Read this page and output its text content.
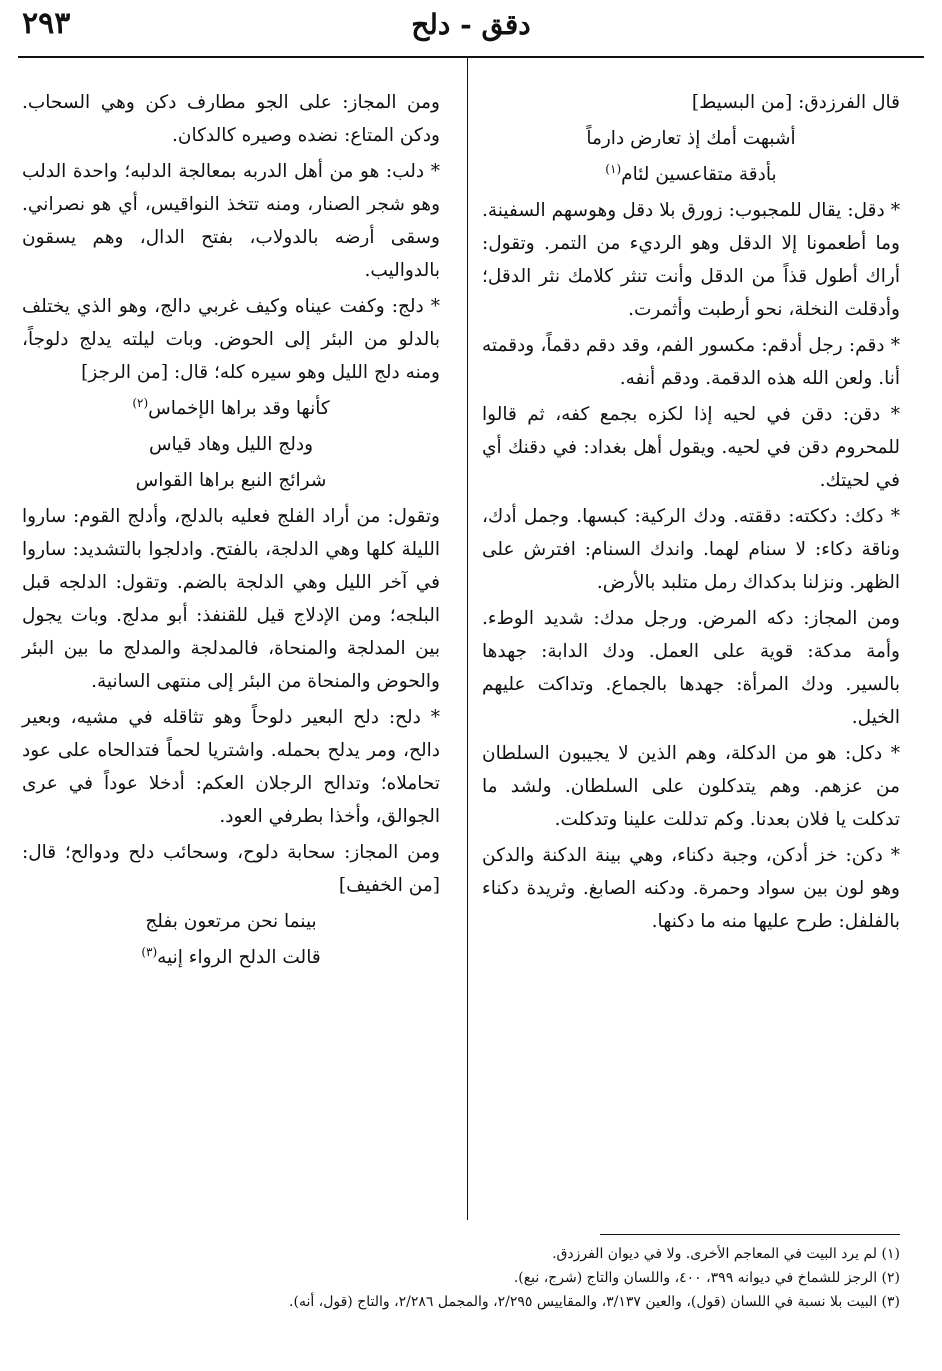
٢٩٣	دقق - دلح

قال الفرزدق: [من البسيط]

أشبهت أمك إذ تعارض دارماً

بأدقة متقاعسين لئام$^{(١)}$

* دقل: يقال للمجبوب: زورق بلا دقل وهوسهم السفينة. وما أطعمونا إلا الدقل وهو الرديء من التمر. وتقول: أراك أطول قذاً من الدقل وأنت تنثر كلامك نثر الدقل؛ وأدقلت النخلة، نحو أرطبت وأثمرت.

* دقم: رجل أدقم: مكسور الفم، وقد دقم دقماً، ودقمته أنا. ولعن الله هذه الدقمة. ودقم أنفه.

* دقن: دقن في لحيه إذا لكزه بجمع كفه، ثم قالوا للمحروم دقن في لحيه. ويقول أهل بغداد: في دقنك أي في لحيتك.

* دكك: دككته: دققته. ودك الركية: كبسها. وجمل أدك، وناقة دكاء: لا سنام لهما. واندك السنام: افترش على الظهر. ونزلنا بدكداك رمل متلبد بالأرض.

ومن المجاز: دكه المرض. ورجل مدك: شديد الوطء. وأمة مدكة: قوية على العمل. ودك الدابة: جهدها بالسير. ودك المرأة: جهدها بالجماع. وتداكت عليهم الخيل.

* دكل: هو من الدكلة، وهم الذين لا يجيبون السلطان من عزهم. وهم يتدكلون على السلطان. ولشد ما تدكلت يا فلان بعدنا. وكم تدللت علينا وتدكلت.

* دكن: خز أدكن، وجبة دكناء، وهي بينة الدكنة والدكن وهو لون بين سواد وحمرة. ودكنه الصابغ. وثريدة دكناء بالفلفل: طرح عليها منه ما دكنها.

ومن المجاز: على الجو مطارف دكن وهي السحاب. ودكن المتاع: نضده وصيره كالدكان.

* دلب: هو من أهل الدربه بمعالجة الدلبه؛ واحدة الدلب وهو شجر الصنار، ومنه تتخذ النواقيس، أي هو نصراني. وسقى أرضه بالدولاب، بفتح الدال، وهم يسقون بالدواليب.

* دلج: وكفت عيناه وكيف غربي دالج، وهو الذي يختلف بالدلو من البئر إلى الحوض. وبات ليلته يدلج دلوجاً، ومنه دلج الليل وهو سيره كله؛ قال: [من الرجز]

كأنها وقد براها الإخماس$^{(٢)}$

ودلج الليل وهاد قياس

شرائج النبع براها القواس

وتقول: من أراد الفلج فعليه بالدلج، وأدلج القوم: ساروا الليلة كلها وهي الدلجة، بالفتح. وادلجوا بالتشديد: ساروا في آخر الليل وهي الدلجة بالضم. وتقول: الدلجه قبل البلجه؛ ومن الإدلاج قيل للقنفذ: أبو مدلج. وبات يجول بين المدلجة والمنحاة، فالمدلجة والمدلج ما بين البئر والحوض والمنحاة من البئر إلى منتهى السانية.

* دلح: دلح البعير دلوحاً وهو تثاقله في مشيه، وبعير دالح، ومر يدلح بحمله. واشتريا لحماً فتدالحاه على عود تحاملاه؛ وتدالح الرجلان العكم: أدخلا عوداً في عرى الجوالق، وأخذا بطرفي العود.

ومن المجاز: سحابة دلوح، وسحائب دلح ودوالح؛ قال: [من الخفيف]

بينما نحن مرتعون بفلج

قالت الدلح الرواء إنيه$^{(٣)}$

(١) لم يرد البيت في المعاجم الأخرى. ولا في ديوان الفرزدق.

(٢) الرجز للشماخ في ديوانه ٣٩٩، ٤٠٠، واللسان والتاج (شرج، نبع).

(٣) البيت بلا نسبة في اللسان (قول)، والعين ٣/١٣٧، والمقاييس ٢/٢٩٥، والمجمل ٢/٢٨٦، والتاج (قول، أنه).
